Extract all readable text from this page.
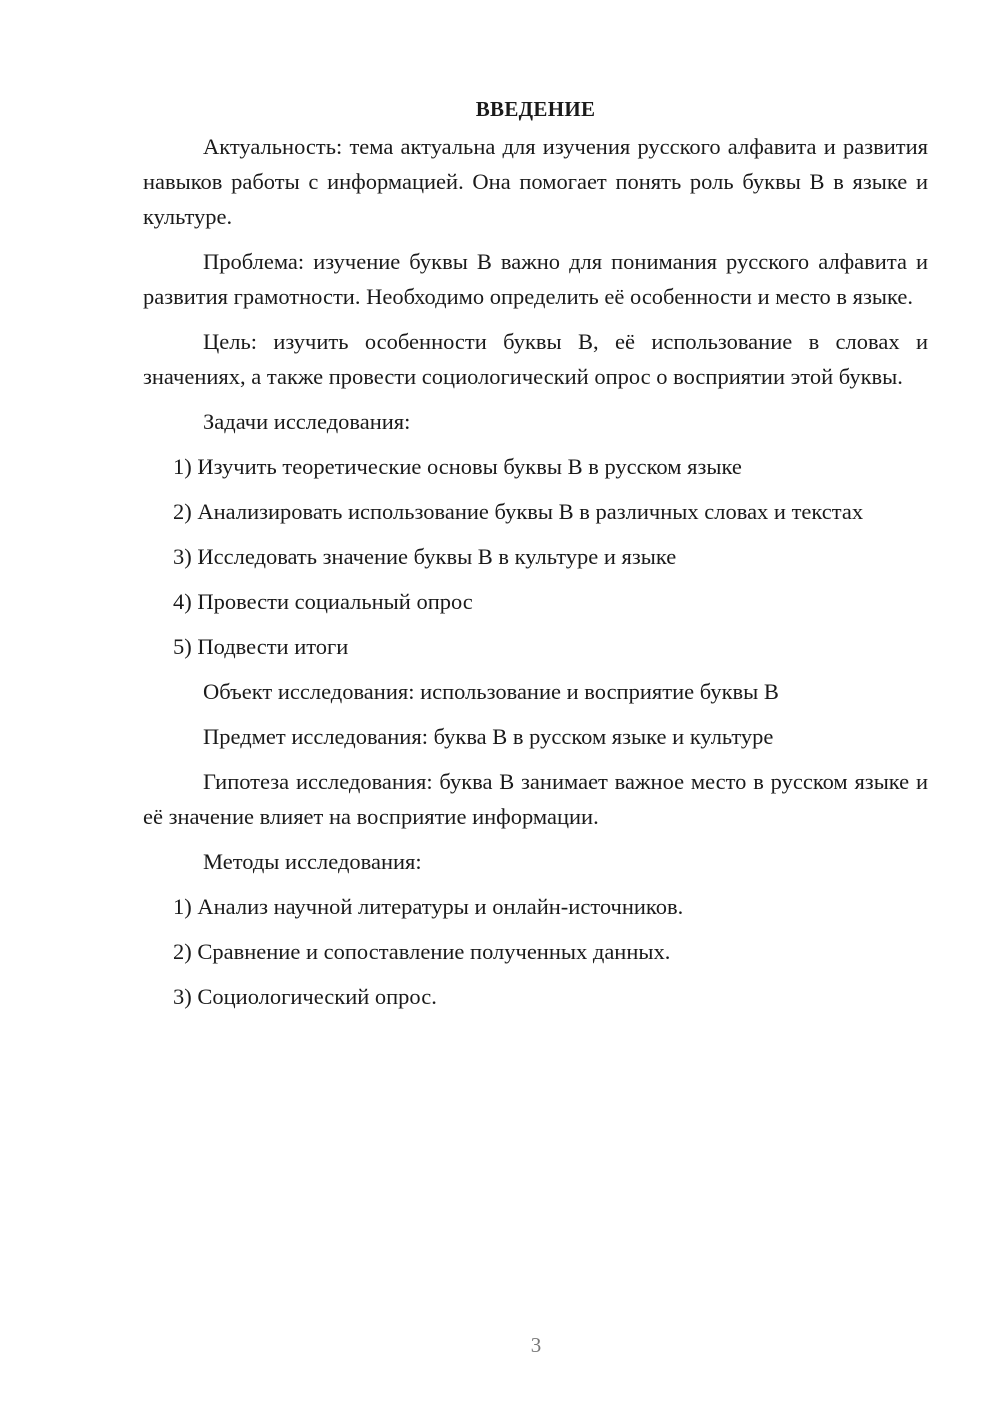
ВВЕДЕНИЕ

Актуальность: тема актуальна для изучения русского алфавита и развития навыков работы с информацией. Она помогает понять роль буквы В в языке и культуре.

Проблема: изучение буквы В важно для понимания русского алфавита и развития грамотности. Необходимо определить её особенности и место в языке.

Цель: изучить особенности буквы В, её использование в словах и значениях, а также провести социологический опрос о восприятии этой буквы.

Задачи исследования:

1) Изучить теоретические основы буквы В в русском языке

2) Анализировать использование буквы В в различных словах и текстах

3) Исследовать значение буквы В в культуре и языке

4) Провести социальный опрос

5) Подвести итоги

Объект исследования: использование и восприятие буквы В

Предмет исследования: буква В в русском языке и культуре

Гипотеза исследования: буква В занимает важное место в русском языке и её значение влияет на восприятие информации.

Методы исследования:

1) Анализ научной литературы и онлайн-источников.

2) Сравнение и сопоставление полученных данных.

3) Социологический опрос.

3
